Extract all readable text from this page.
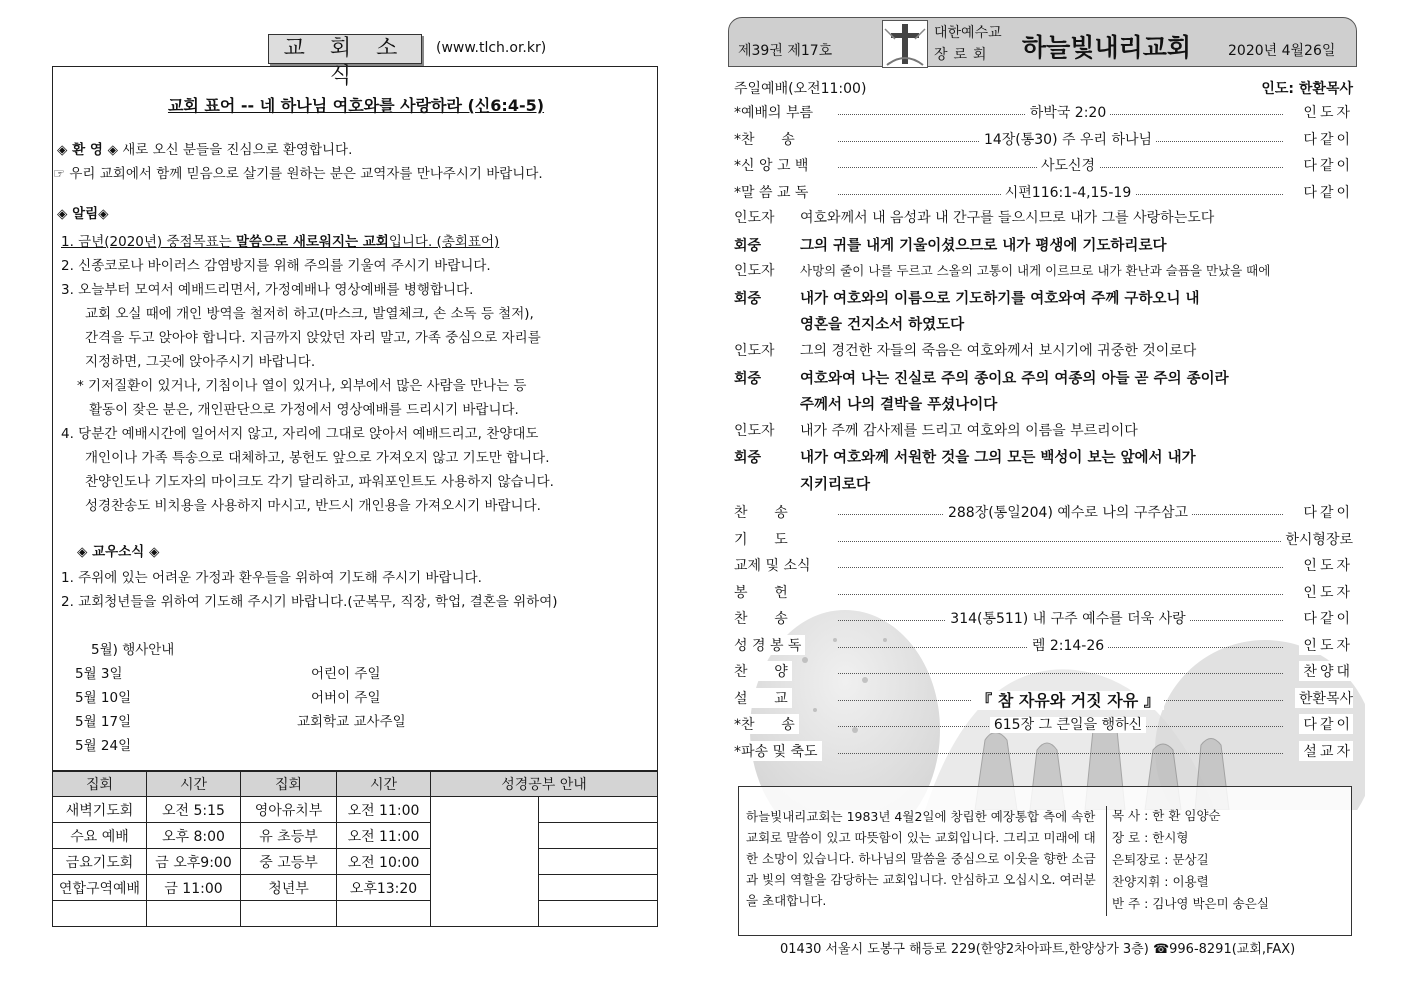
교 회 소 식
(www.tlch.or.kr)
교회 표어 -- 네 하나님 여호와를 사랑하라 (신6:4-5)
◈ 환 영 ◈ 새로 오신 분들을 진심으로 환영합니다.
☞ 우리 교회에서 함께 믿음으로 살기를 원하는 분은 교역자를 만나주시기 바랍니다.
◈ 알림◈
1. 금년(2020년) 중점목표는 말씀으로 새로워지는 교회입니다. (총회표어)
2. 신종코로나 바이러스 감염방지를 위해 주의를 기울여 주시기 바랍니다.
3. 오늘부터 모여서 예배드리면서, 가정예배나 영상예배를 병행합니다.
교회 오실 때에 개인 방역을 철저히 하고(마스크, 발열체크, 손 소독 등 철저),
간격을 두고 앉아야 합니다. 지금까지 앉았던 자리 말고, 가족 중심으로 자리를
지정하면, 그곳에 앉아주시기 바랍니다.
* 기저질환이 있거나, 기침이나 열이 있거나, 외부에서 많은 사람을 만나는 등
활동이 잦은 분은, 개인판단으로 가정에서 영상예배를 드리시기 바랍니다.
4. 당분간 예배시간에 일어서지 않고, 자리에 그대로 앉아서 예배드리고, 찬양대도
개인이나 가족 특송으로 대체하고, 봉헌도 앞으로 가져오지 않고 기도만 합니다.
찬양인도나 기도자의 마이크도 각기 달리하고, 파워포인트도 사용하지 않습니다.
성경찬송도 비치용을 사용하지 마시고, 반드시 개인용을 가져오시기 바랍니다.
◈ 교우소식 ◈
1. 주위에 있는 어려운 가정과 환우들을 위하여 기도해 주시기 바랍니다.
2. 교회청년들을 위하여 기도해 주시기 바랍니다.(군복무, 직장, 학업, 결혼을 위하여)
5월) 행사안내
5월 3일	어린이 주일
5월 10일	어버이 주일
5월 17일	교회학교 교사주일
5월 24일
집회	시간	집회	시간	성경공부 안내	
새벽기도회	오전 5:15	영아유치부	오전 11:00		
수요 예배	오후 8:00	유 초등부	오전 11:00		
금요기도회	금 오후9:00	중 고등부	오전 10:00		
연합구역예배	금 11:00	청년부	오후13:20		

제39권 제17호
대한예수교
장로회 하늘빛내리교회	2020년 4월26일
주일예배(오전11:00)	인도: 한환목사
*예배의 부름	하박국 2:20	인도자
*찬      송	14장(통30) 주 우리 하나님	다같이
*신 앙 고 백	사도신경	다같이
*말 씀 교 독	시편116:1-4,15-19	다같이
인도자 여호와께서 내 음성과 내 간구를 들으시므로 내가 그를 사랑하는도다
회중	그의 귀를 내게 기울이셨으므로 내가 평생에 기도하리로다
인도자 사망의 줄이 나를 두르고 스올의 고통이 내게 이르므로 내가 환난과 슬픔을 만났을 때에
회중	내가 여호와의 이름으로 기도하기를 여호와여 주께 구하오니 내
영혼을 건지소서 하였도다
인도자 그의 경건한 자들의 죽음은 여호와께서 보시기에 귀중한 것이로다
회중	여호와여 나는 진실로 주의 종이요 주의 여종의 아들 곧 주의 종이라
주께서 나의 결박을 푸셨나이다
인도자 내가 주께 감사제를 드리고 여호와의 이름을 부르리이다
회중	내가 여호와께 서원한 것을 그의 모든 백성이 보는 앞에서 내가
지키리로다
찬      송	288장(통일204) 예수로 나의 구주삼고	다같이
기      도	한시형장로
교제 및 소식	인도자
봉      헌	인도자
찬      송	314(통511) 내 구주 예수를 더욱 사랑	다같이
성 경 봉 독	렘 2:14-26	인도자
찬      양	찬양대
설      교	『 참 자유와 거짓 자유 』	한환목사
*찬      송	615장 그 큰일을 행하신	다같이
*파송 및 축도	설교자
하늘빛내리교회는 1983년 4월2일에 창립한 예장통합 측에 속한 교회로 말씀이 있고 따뜻함이 있는 교회입니다. 그리고 미래에 대한 소망이 있습니다. 하나님의 말씀을 중심으로 이웃을 향한 소금과 빛의 역할을 감당하는 교회입니다. 안심하고 오십시오. 여러분을 초대합니다.
목 사 : 한 환 임양순
장 로 : 한시형
은퇴장로 : 문상길
찬양지휘 : 이용렬
반 주 : 김나영 박은미 송은실
01430 서울시 도봉구 해등로 229(한양2차아파트,한양상가 3층) ☎996-8291(교회,FAX)
